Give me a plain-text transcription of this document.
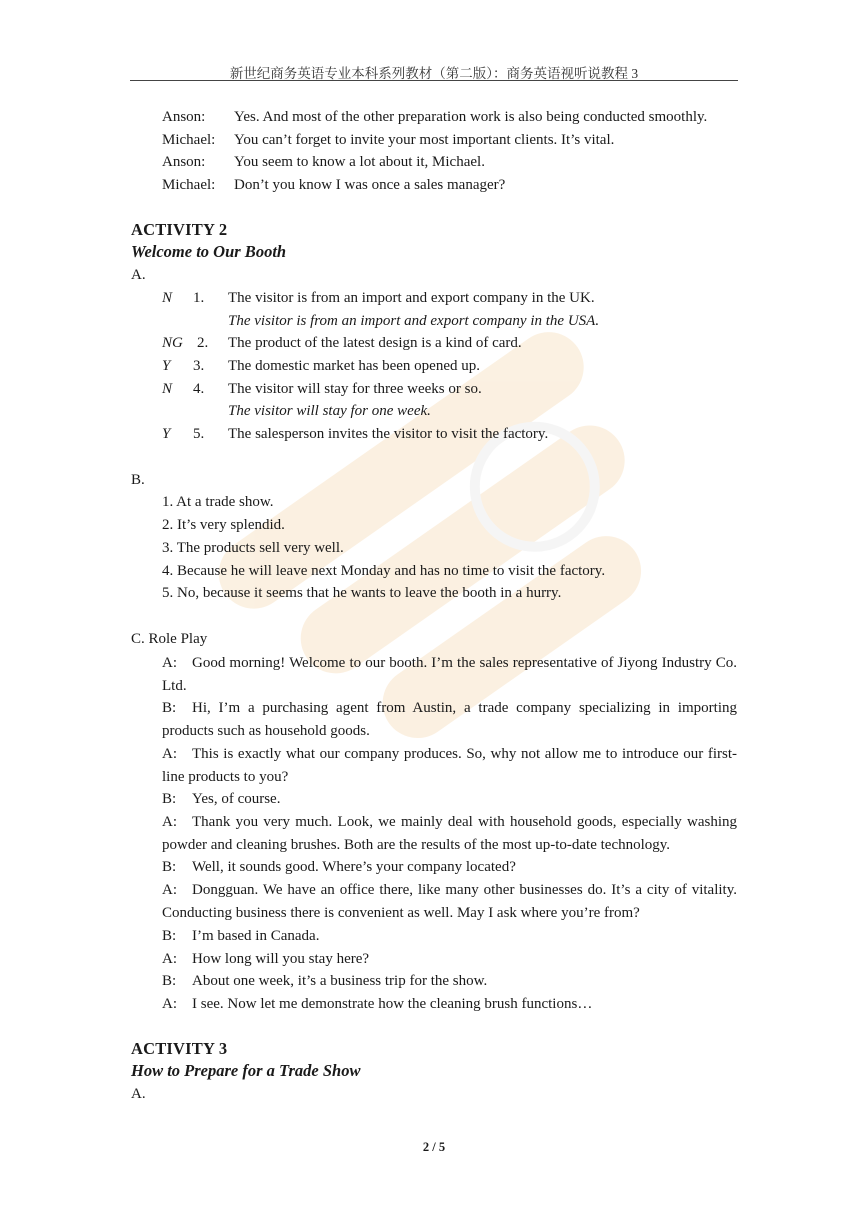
新世纪商务英语专业本科系列教材（第二版）：商务英语视听说教程 3
Anson: Yes. And most of the other preparation work is also being conducted smoothly.
Michael: You can’t forget to invite your most important clients. It’s vital.
Anson: You seem to know a lot about it, Michael.
Michael: Don’t you know I was once a sales manager?
ACTIVITY 2
Welcome to Our Booth
A.
N 1. The visitor is from an import and export company in the UK.
The visitor is from an import and export company in the USA.
NG 2. The product of the latest design is a kind of card.
Y 3. The domestic market has been opened up.
N 4. The visitor will stay for three weeks or so.
The visitor will stay for one week.
Y 5. The salesperson invites the visitor to visit the factory.
B.
1. At a trade show.
2. It’s very splendid.
3. The products sell very well.
4. Because he will leave next Monday and has no time to visit the factory.
5. No, because it seems that he wants to leave the booth in a hurry.
C. Role Play

A: Good morning! Welcome to our booth. I’m the sales representative of Jiyong Industry Co. Ltd.

B: Hi, I’m a purchasing agent from Austin, a trade company specializing in importing products such as household goods.

A: This is exactly what our company produces. So, why not allow me to introduce our first-line products to you?

B: Yes, of course.

A: Thank you very much. Look, we mainly deal with household goods, especially washing powder and cleaning brushes. Both are the results of the most up-to-date technology.

B: Well, it sounds good. Where’s your company located?

A: Dongguan. We have an office there, like many other businesses do. It’s a city of vitality. Conducting business there is convenient as well. May I ask where you’re from?

B: I’m based in Canada.

A: How long will you stay here?

B: About one week, it’s a business trip for the show.

A: I see. Now let me demonstrate how the cleaning brush functions…

ACTIVITY 3
How to Prepare for a Trade Show
A.
2 / 5
